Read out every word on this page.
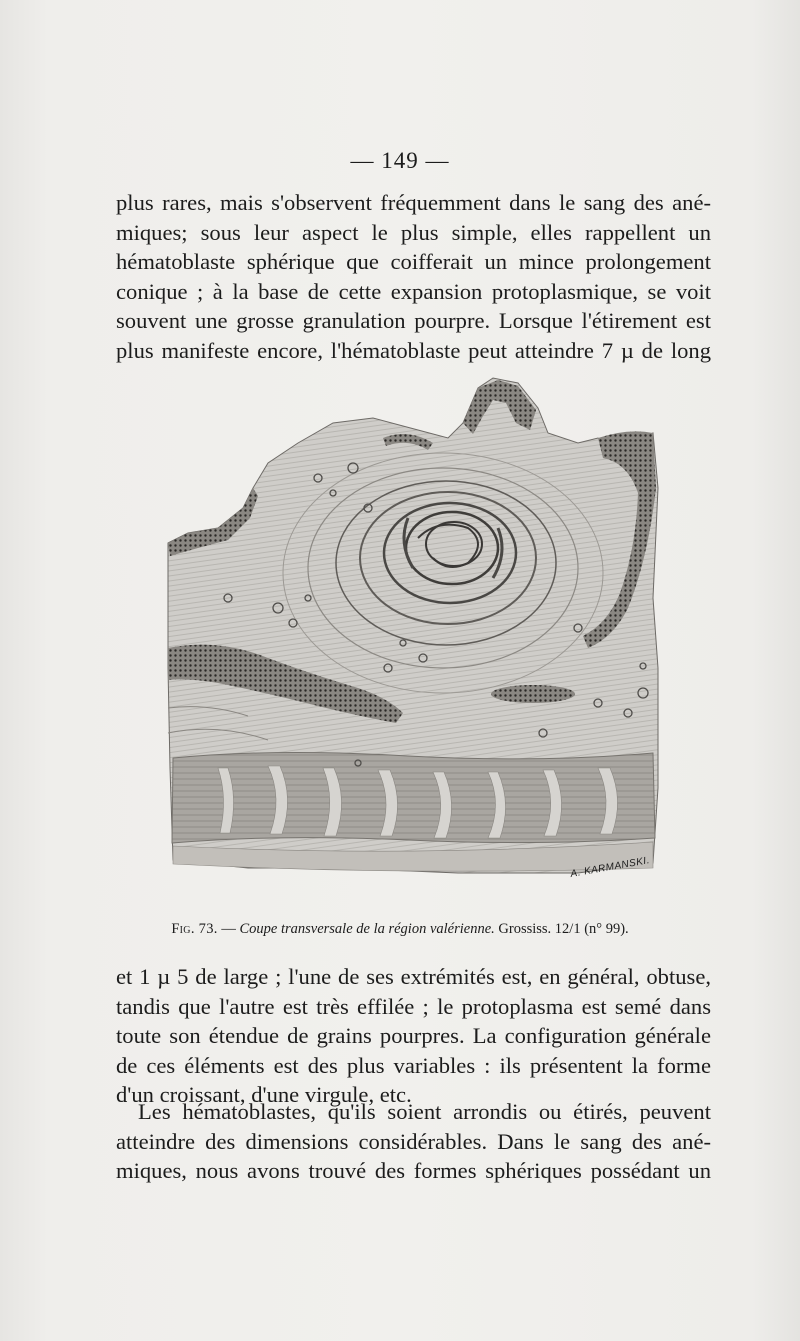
— 149 —
plus rares, mais s'observent fréquemment dans le sang des ané-
miques; sous leur aspect le plus simple, elles rappellent un
hématoblaste sphérique que coifferait un mince prolongement
conique ; à la base de cette expansion protoplasmique, se voit
souvent une grosse granulation pourpre. Lorsque l'étirement est
plus manifeste encore, l'hématoblaste peut atteindre 7 µ de long
A. KARMANSKI.
Fig. 73. — Coupe transversale de la région valérienne. Grossiss. 12/1 (n° 99).
et 1 µ 5 de large ; l'une de ses extrémités est, en général, obtuse,
tandis que l'autre est très effilée ; le protoplasma est semé dans
toute son étendue de grains pourpres. La configuration générale
de ces éléments est des plus variables : ils présentent la forme
d'un croissant, d'une virgule, etc.
Les hématoblastes, qu'ils soient arrondis ou étirés, peuvent
atteindre des dimensions considérables. Dans le sang des ané-
miques, nous avons trouvé des formes sphériques possédant un
